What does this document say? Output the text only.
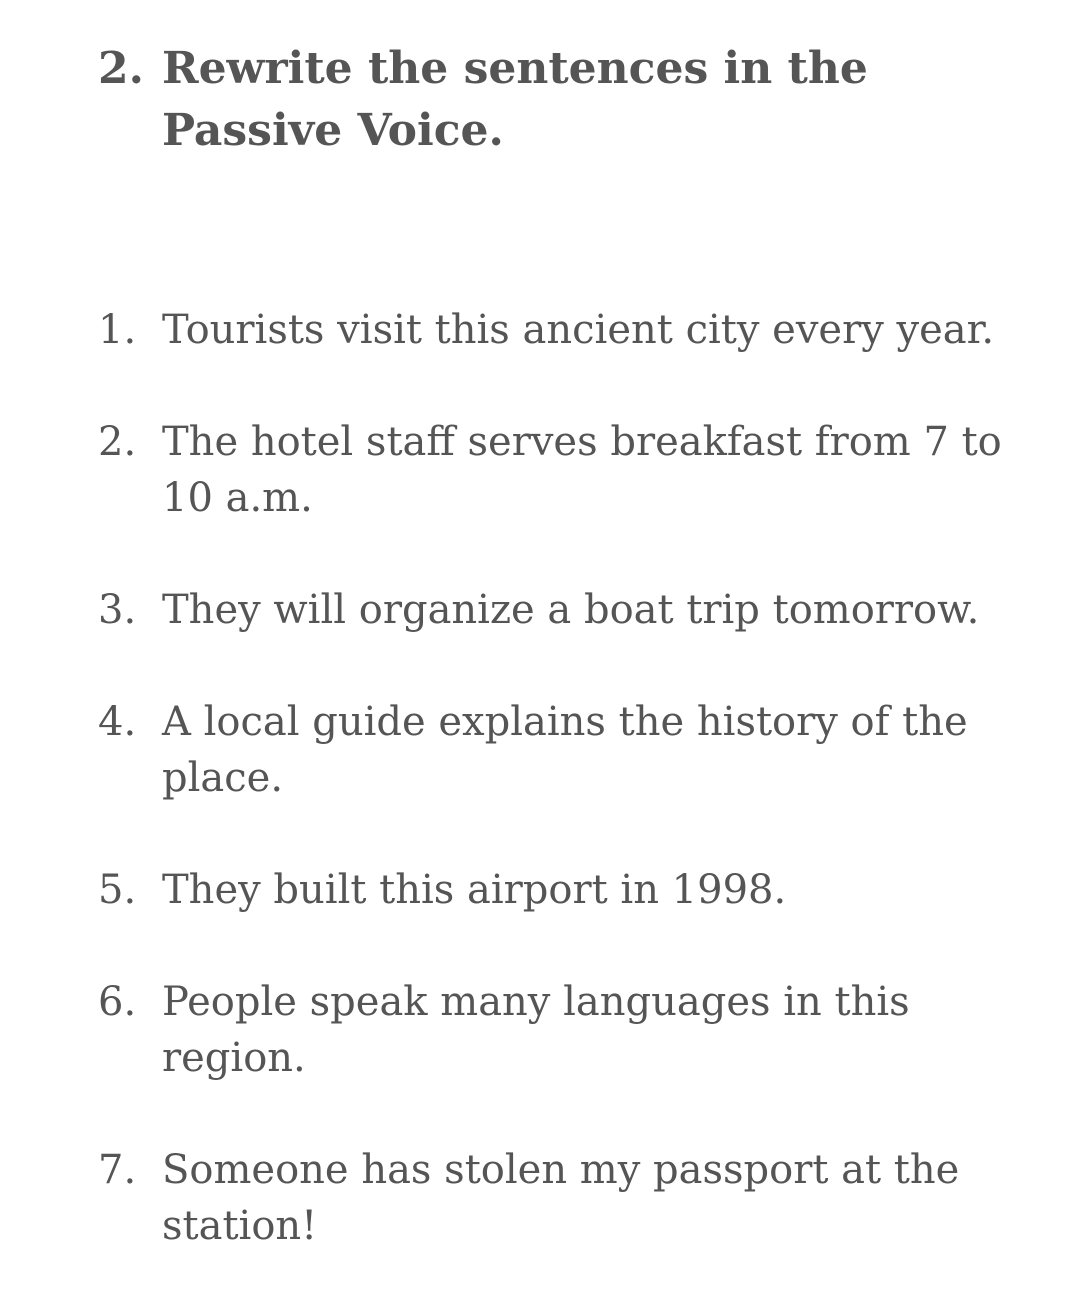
2. Rewrite the sentences in the Passive Voice.
1. Tourists visit this ancient city every year.
2. The hotel staff serves breakfast from 7 to 10 a.m.
3. They will organize a boat trip tomorrow.
4. A local guide explains the history of the place.
5. They built this airport in 1998.
6. People speak many languages in this region.
7. Someone has stolen my passport at the station!
